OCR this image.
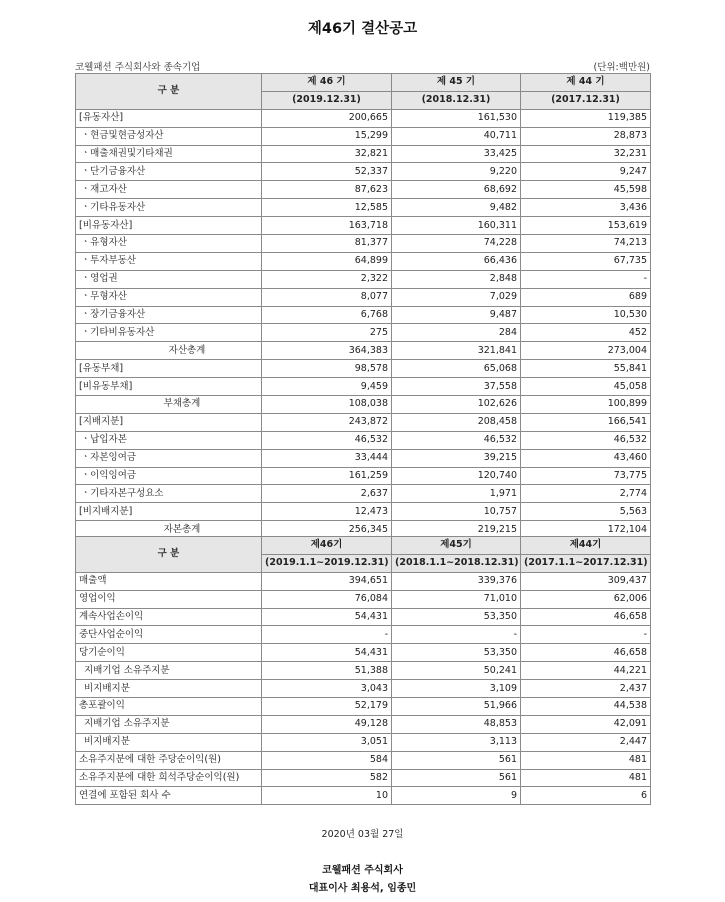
제46기 결산공고
코웰패션 주식회사와 종속기업	(단위:백만원)
구 분	제 46 기	제 45 기	제 44 기
	(2019.12.31)	(2018.12.31)	(2017.12.31)
[유동자산]	200,665	161,530	119,385
ㆍ현금및현금성자산	15,299	40,711	28,873
ㆍ매출채권및기타채권	32,821	33,425	32,231
ㆍ단기금융자산	52,337	9,220	9,247
ㆍ재고자산	87,623	68,692	45,598
ㆍ기타유동자산	12,585	9,482	3,436
[비유동자산]	163,718	160,311	153,619
ㆍ유형자산	81,377	74,228	74,213
ㆍ투자부동산	64,899	66,436	67,735
ㆍ영업권	2,322	2,848	-
ㆍ무형자산	8,077	7,029	689
ㆍ장기금융자산	6,768	9,487	10,530
ㆍ기타비유동자산	275	284	452
자산총계	364,383	321,841	273,004
[유동부채]	98,578	65,068	55,841
[비유동부채]	9,459	37,558	45,058
부채총계	108,038	102,626	100,899
[지배지분]	243,872	208,458	166,541
ㆍ납입자본	46,532	46,532	46,532
ㆍ자본잉여금	33,444	39,215	43,460
ㆍ이익잉여금	161,259	120,740	73,775
ㆍ기타자본구성요소	2,637	1,971	2,774
[비지배지분]	12,473	10,757	5,563
자본총계	256,345	219,215	172,104
구 분	제46기	제45기	제44기
	(2019.1.1~2019.12.31)	(2018.1.1~2018.12.31)	(2017.1.1~2017.12.31)
매출액	394,651	339,376	309,437
영업이익	76,084	71,010	62,006
계속사업손이익	54,431	53,350	46,658
중단사업순이익	-	-	-
당기순이익	54,431	53,350	46,658
지배기업 소유주지분	51,388	50,241	44,221
비지배지분	3,043	3,109	2,437
총포괄이익	52,179	51,966	44,538
지배기업 소유주지분	49,128	48,853	42,091
비지배지분	3,051	3,113	2,447
소유주지분에 대한 주당순이익(원)	584	561	481
소유주지분에 대한 희석주당순이익(원)	582	561	481
연결에 포함된 회사 수	10	9	6
2020년 03월 27일
코웰패션 주식회사
대표이사 최용석, 임종민
